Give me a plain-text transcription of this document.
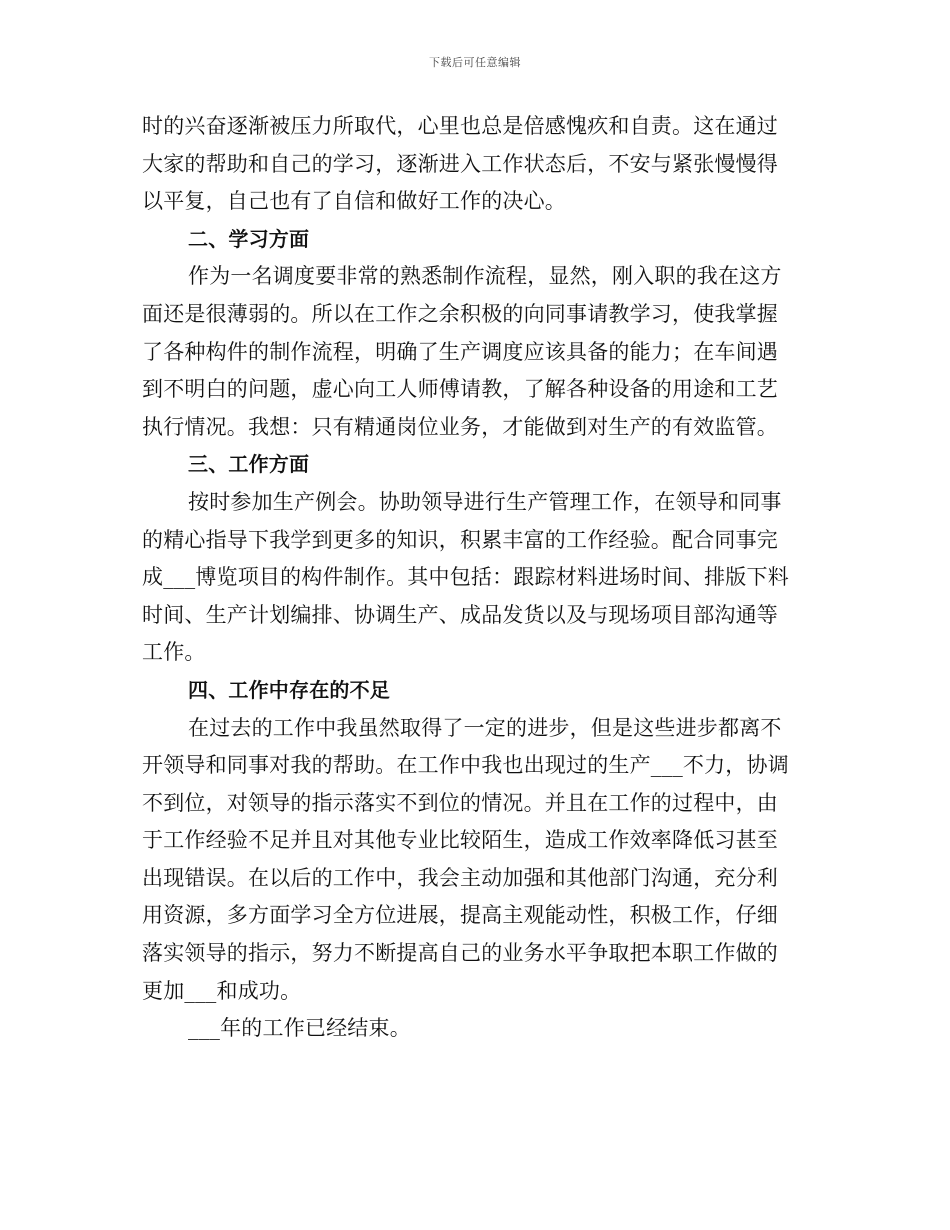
下载后可任意编辑
时的兴奋逐渐被压力所取代，心里也总是倍感愧疚和自责。这在通过
大家的帮助和自己的学习，逐渐进入工作状态后，不安与紧张慢慢得
以平复，自己也有了自信和做好工作的决心。
二、学习方面
作为一名调度要非常的熟悉制作流程，显然，刚入职的我在这方
面还是很薄弱的。所以在工作之余积极的向同事请教学习，使我掌握
了各种构件的制作流程，明确了生产调度应该具备的能力；在车间遇
到不明白的问题，虚心向工人师傅请教，了解各种设备的用途和工艺
执行情况。我想：只有精通岗位业务，才能做到对生产的有效监管。
三、工作方面
按时参加生产例会。协助领导进行生产管理工作，在领导和同事
的精心指导下我学到更多的知识，积累丰富的工作经验。配合同事完
成___博览项目的构件制作。其中包括：跟踪材料进场时间、排版下料
时间、生产计划编排、协调生产、成品发货以及与现场项目部沟通等
工作。
四、工作中存在的不足
在过去的工作中我虽然取得了一定的进步，但是这些进步都离不
开领导和同事对我的帮助。在工作中我也出现过的生产___不力，协调
不到位，对领导的指示落实不到位的情况。并且在工作的过程中，由
于工作经验不足并且对其他专业比较陌生，造成工作效率降低习甚至
出现错误。在以后的工作中，我会主动加强和其他部门沟通，充分利
用资源，多方面学习全方位进展，提高主观能动性，积极工作，仔细
落实领导的指示，努力不断提高自己的业务水平争取把本职工作做的
更加___和成功。
___年的工作已经结束。
